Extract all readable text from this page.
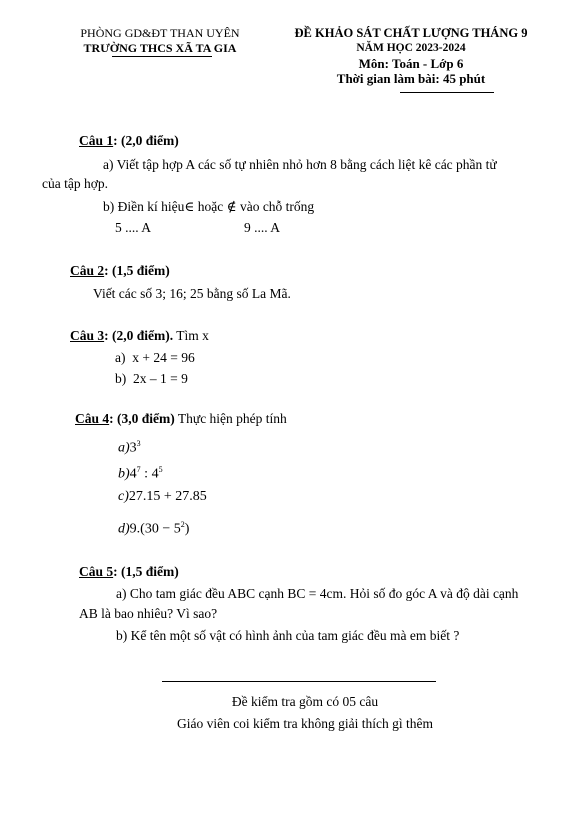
PHÒNG GD&ĐT THAN UYÊN
TRƯỜNG THCS XÃ TA GIA
ĐỀ KHẢO SÁT CHẤT LƯỢNG THÁNG 9
NĂM HỌC 2023-2024
Môn: Toán - Lớp 6
Thời gian làm bài: 45 phút
Câu 1: (2,0 điểm)
a) Viết tập hợp A các số tự nhiên nhỏ hơn 8 bằng cách liệt kê các phần tử
của tập hợp.
b) Điền kí hiệu∈ hoặc ∉ vào chỗ trống
5 .... A	9 .... A
Câu 2: (1,5 điểm)
Viết các số 3; 16; 25 bằng số La Mã.
Câu 3: (2,0 điểm). Tìm x
a) x + 24 = 96
b) 2x – 1 = 9
Câu 4: (3,0 điểm) Thực hiện phép tính
$a)3^3$
$b)4^7$ : $4^5$
c)27.15 + 27.85
$d)9.(30 - 5^2)$
Câu 5: (1,5 điểm)
a) Cho tam giác đều ABC cạnh BC = 4cm. Hỏi số đo góc A và độ dài cạnh
AB là bao nhiêu? Vì sao?
b) Kể tên một số vật có hình ảnh của tam giác đều mà em biết ?
Đề kiểm tra gồm có 05 câu
Giáo viên coi kiểm tra không giải thích gì thêm
